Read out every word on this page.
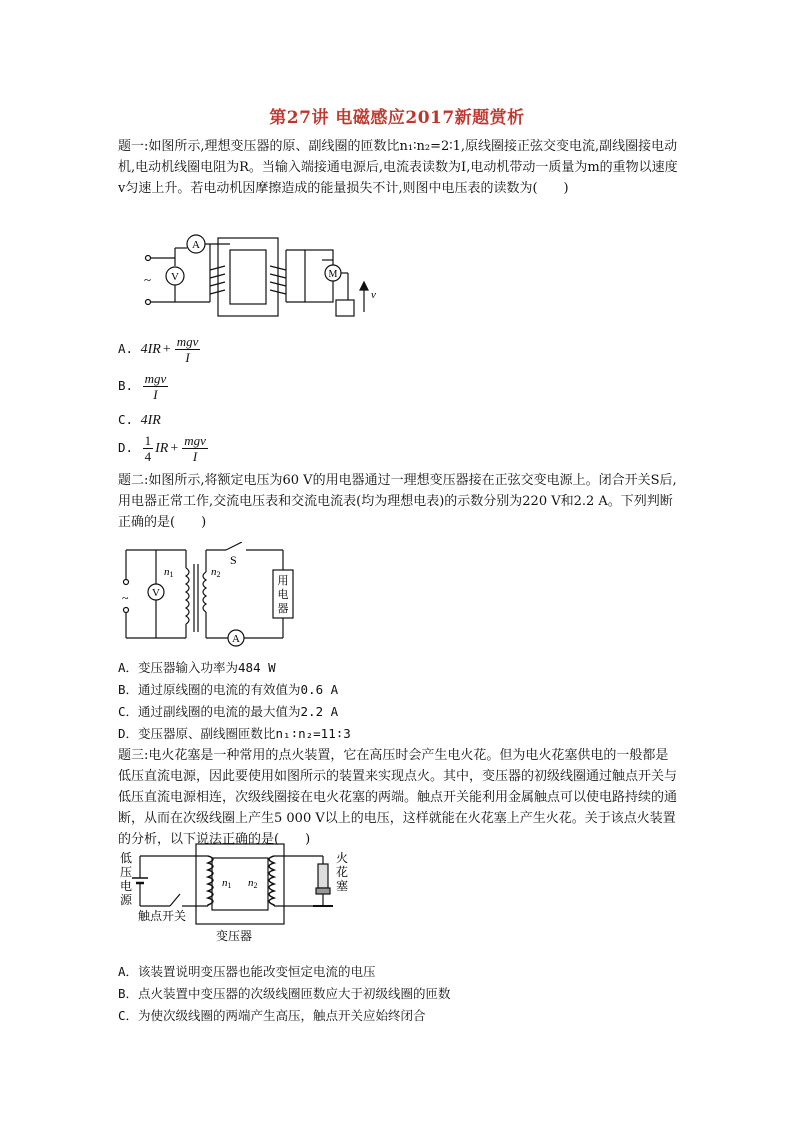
第27讲 电磁感应2017新题赏析
题一:如图所示,理想变压器的原、副线圈的匝数比n₁∶n₂=2∶1,原线圈接正弦交变电流,副线圈接电动机,电动机线圈电阻为R。当输入端接通电源后,电流表读数为I,电动机带动一质量为m的重物以速度v匀速上升。若电动机因摩擦造成的能量损失不计,则图中电压表的读数为(　　)
A
V	M
~
v
A. $4IR + \frac{\text{mgv}}{I}$
B. $\frac{\text{mgv}}{I}$
C. 4IR
D. $\frac{1}{4}$ IR + $\frac{\text{mgv}}{I}$
题二:如图所示,将额定电压为60 V的用电器通过一理想变压器接在正弦交变电源上。闭合开关S后,用电器正常工作,交流电压表和交流电流表(均为理想电表)的示数分别为220 V和2.2 A。下列判断正确的是(　　)
~ V
n1	n2
S
A
用
电
器
A．变压器输入功率为484 W
B．通过原线圈的电流的有效值为0.6 A
C．通过副线圈的电流的最大值为2.2 A
D．变压器原、副线圈匝数比n₁∶n₂=11∶3
题三:电火花塞是一种常用的点火装置，它在高压时会产生电火花。但为电火花塞供电的一般都是低压直流电源，因此要使用如图所示的装置来实现点火。其中，变压器的初级线圈通过触点开关与低压直流电源相连，次级线圈接在电火花塞的两端。触点开关能利用金属触点可以使电路持续的通断，从而在次级线圈上产生5 000 V以上的电压，这样就能在火花塞上产生火花。关于该点火装置的分析，以下说法正确的是(　　)
低
压
电
源
n1 n2
火
花
塞
触点开关
变压器
A．该装置说明变压器也能改变恒定电流的电压
B．点火装置中变压器的次级线圈匝数应大于初级线圈的匝数
C．为使次级线圈的两端产生高压，触点开关应始终闭合
